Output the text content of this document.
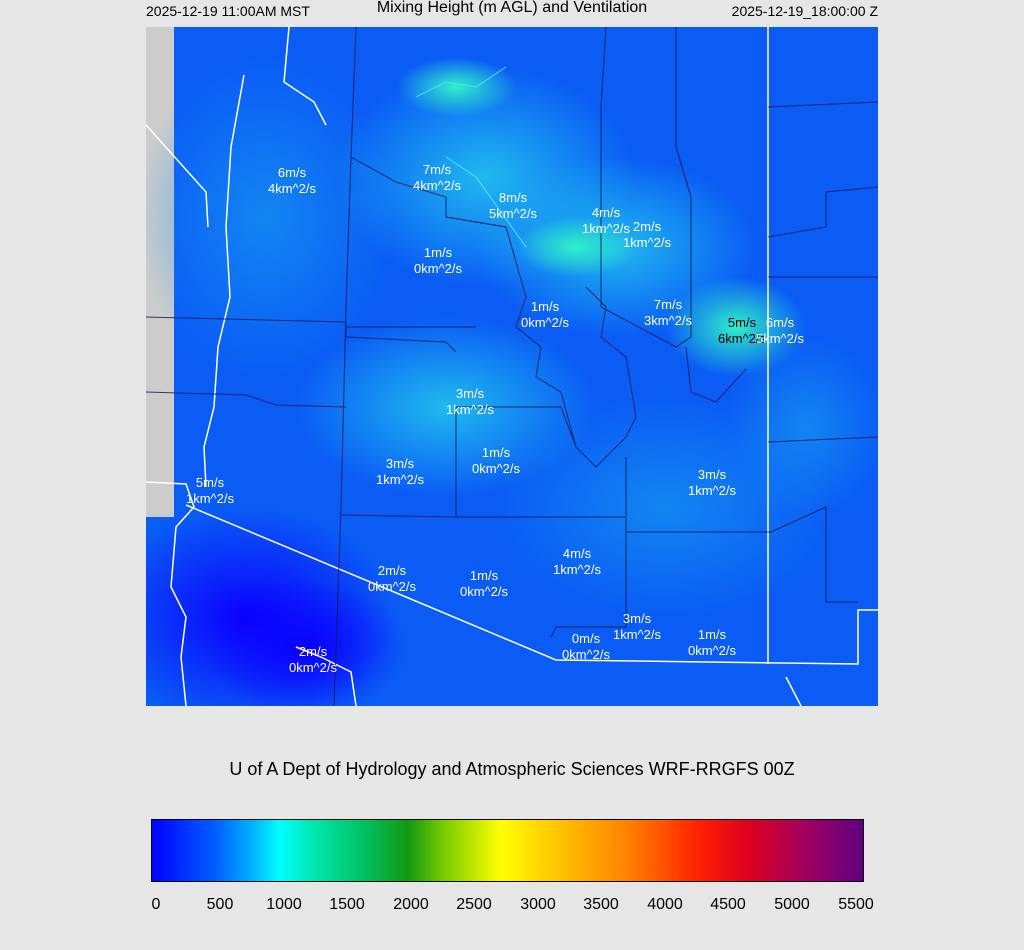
2025-12-19 11:00AM MST	Mixing Height (m AGL) and Ventilation	2025-12-19_18:00:00 Z
6m/s
4km^2/s
7m/s
4km^2/s
8m/s
5km^2/s	4m/s
1km^2/s 2m/s
1km^2/s
1m/s
0km^2/s
1m/s
0km^2/s
7m/s
3km^2/s	5m/s
6km^2/s
6m/s
5km^2/s
3m/s
1km^2/s
1m/s
0km^2/s
3m/s
1km^2/s	3m/s
1km^2/s
5m/s
1km^2/s
4m/s
1km^2/s
2m/s
0km^2/s
1m/s
0km^2/s
3m/s
1km^2/s
0m/s
0km^2/s
1m/s
0km^2/s
2m/s
0km^2/s
U of A Dept of Hydrology and Atmospheric Sciences WRF-RRGFS 00Z
0	500 1000 1500 2000 2500 3000 3500 4000 4500 5000 5500
